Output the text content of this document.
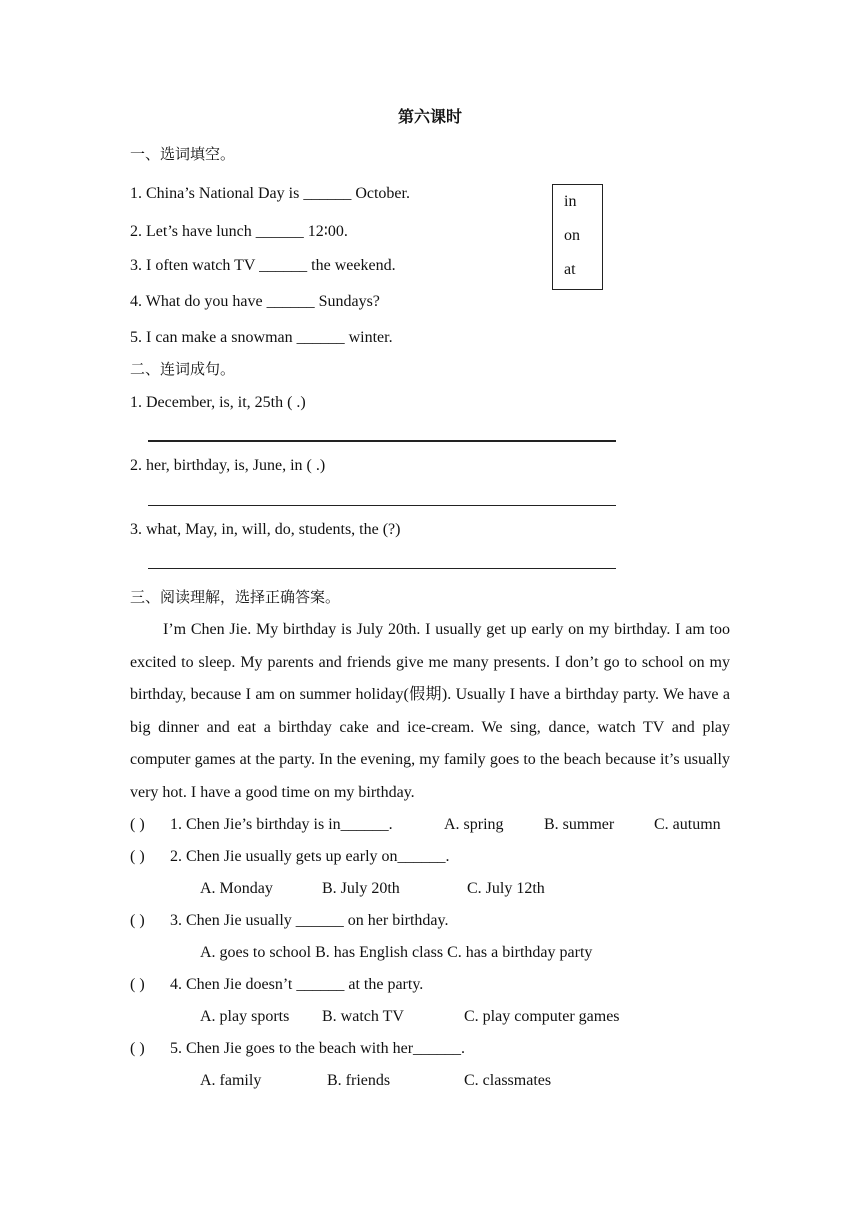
第六课时
一、选词填空。
1. China’s National Day is ______ October.
2. Let’s have lunch ______ 12∶00.
3. I often watch TV ______ the weekend.
4. What do you have ______ Sundays?
5. I can make a snowman ______ winter.
in
on
at
二、连词成句。
1. December, is, it, 25th ( .)
2. her, birthday, is, June, in ( .)
3. what, May, in, will, do, students, the (?)
三、阅读理解，选择正确答案。
I’m Chen Jie. My birthday is July 20th. I usually get up early on my birthday. I am too excited to sleep. My parents and friends give me many presents. I don’t go to school on my birthday, because I am on summer holiday(假期). Usually I have a birthday party. We have a big dinner and eat a birthday cake and ice-cream. We sing, dance, watch TV and play computer games at the party. In the evening, my family goes to the beach because it’s usually very hot. I have a good time on my birthday.
( ) 1. Chen Jie’s birthday is in______.	A. spring	B. summer C. autumn
( ) 2. Chen Jie usually gets up early on______.
A. Monday	B. July 20th	C. July 12th
( ) 3. Chen Jie usually ______ on her birthday.
A. goes to school B. has English class C. has a birthday party
( ) 4. Chen Jie doesn’t ______ at the party.
A. play sports B. watch TV	C. play computer games
( ) 5. Chen Jie goes to the beach with her______.
A. family	B. friends	C. classmates
